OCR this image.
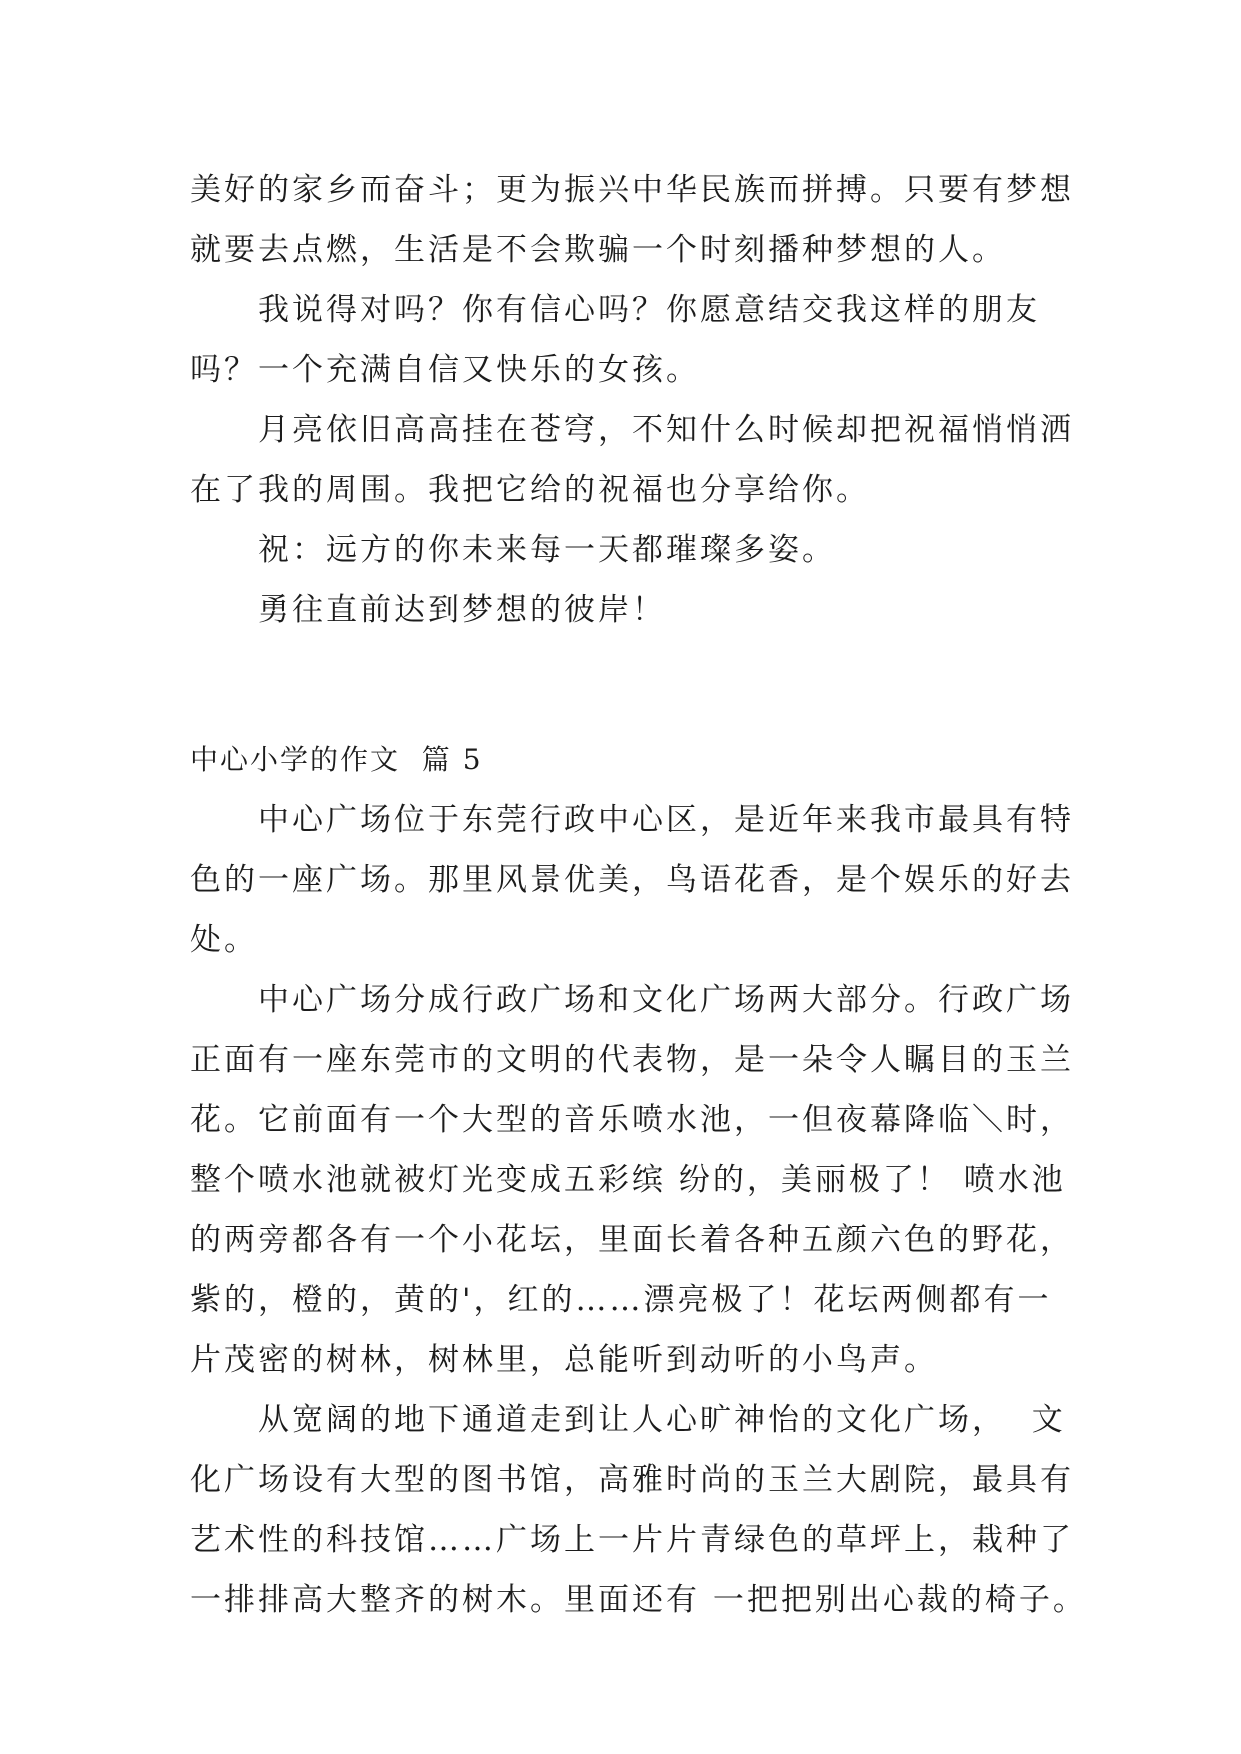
美好的家乡而奋斗；更为振兴中华民族而拼搏。只要有梦想
就要去点燃，生活是不会欺骗一个时刻播种梦想的人。
我说得对吗？你有信心吗？你愿意结交我这样的朋友
吗？一个充满自信又快乐的女孩。
月亮依旧高高挂在苍穹，不知什么时候却把祝福悄悄洒
在了我的周围。我把它给的祝福也分享给你。
祝：远方的你未来每一天都璀璨多姿。
勇往直前达到梦想的彼岸！
中心小学的作文  篇 5
中心广场位于东莞行政中心区，是近年来我市最具有特
色的一座广场。那里风景优美，鸟语花香，是个娱乐的好去
处。
中心广场分成行政广场和文化广场两大部分。行政广场
正面有一座东莞市的文明的代表物，是一朵令人瞩目的玉兰
花。它前面有一个大型的音乐喷水池，一但夜幕降临＼时，
整个喷水池就被灯光变成五彩缤 纷的，美丽极了！ 喷水池
的两旁都各有一个小花坛，里面长着各种五颜六色的野花，
紫的，橙的，黄的'，红的……漂亮极了！花坛两侧都有一
片茂密的树林，树林里，总能听到动听的小鸟声。
从宽阔的地下通道走到让人心旷神怡的文化广场，  文
化广场设有大型的图书馆，高雅时尚的玉兰大剧院，最具有
艺术性的科技馆……广场上一片片青绿色的草坪上，栽种了
一排排高大整齐的树木。里面还有 一把把别出心裁的椅子。
